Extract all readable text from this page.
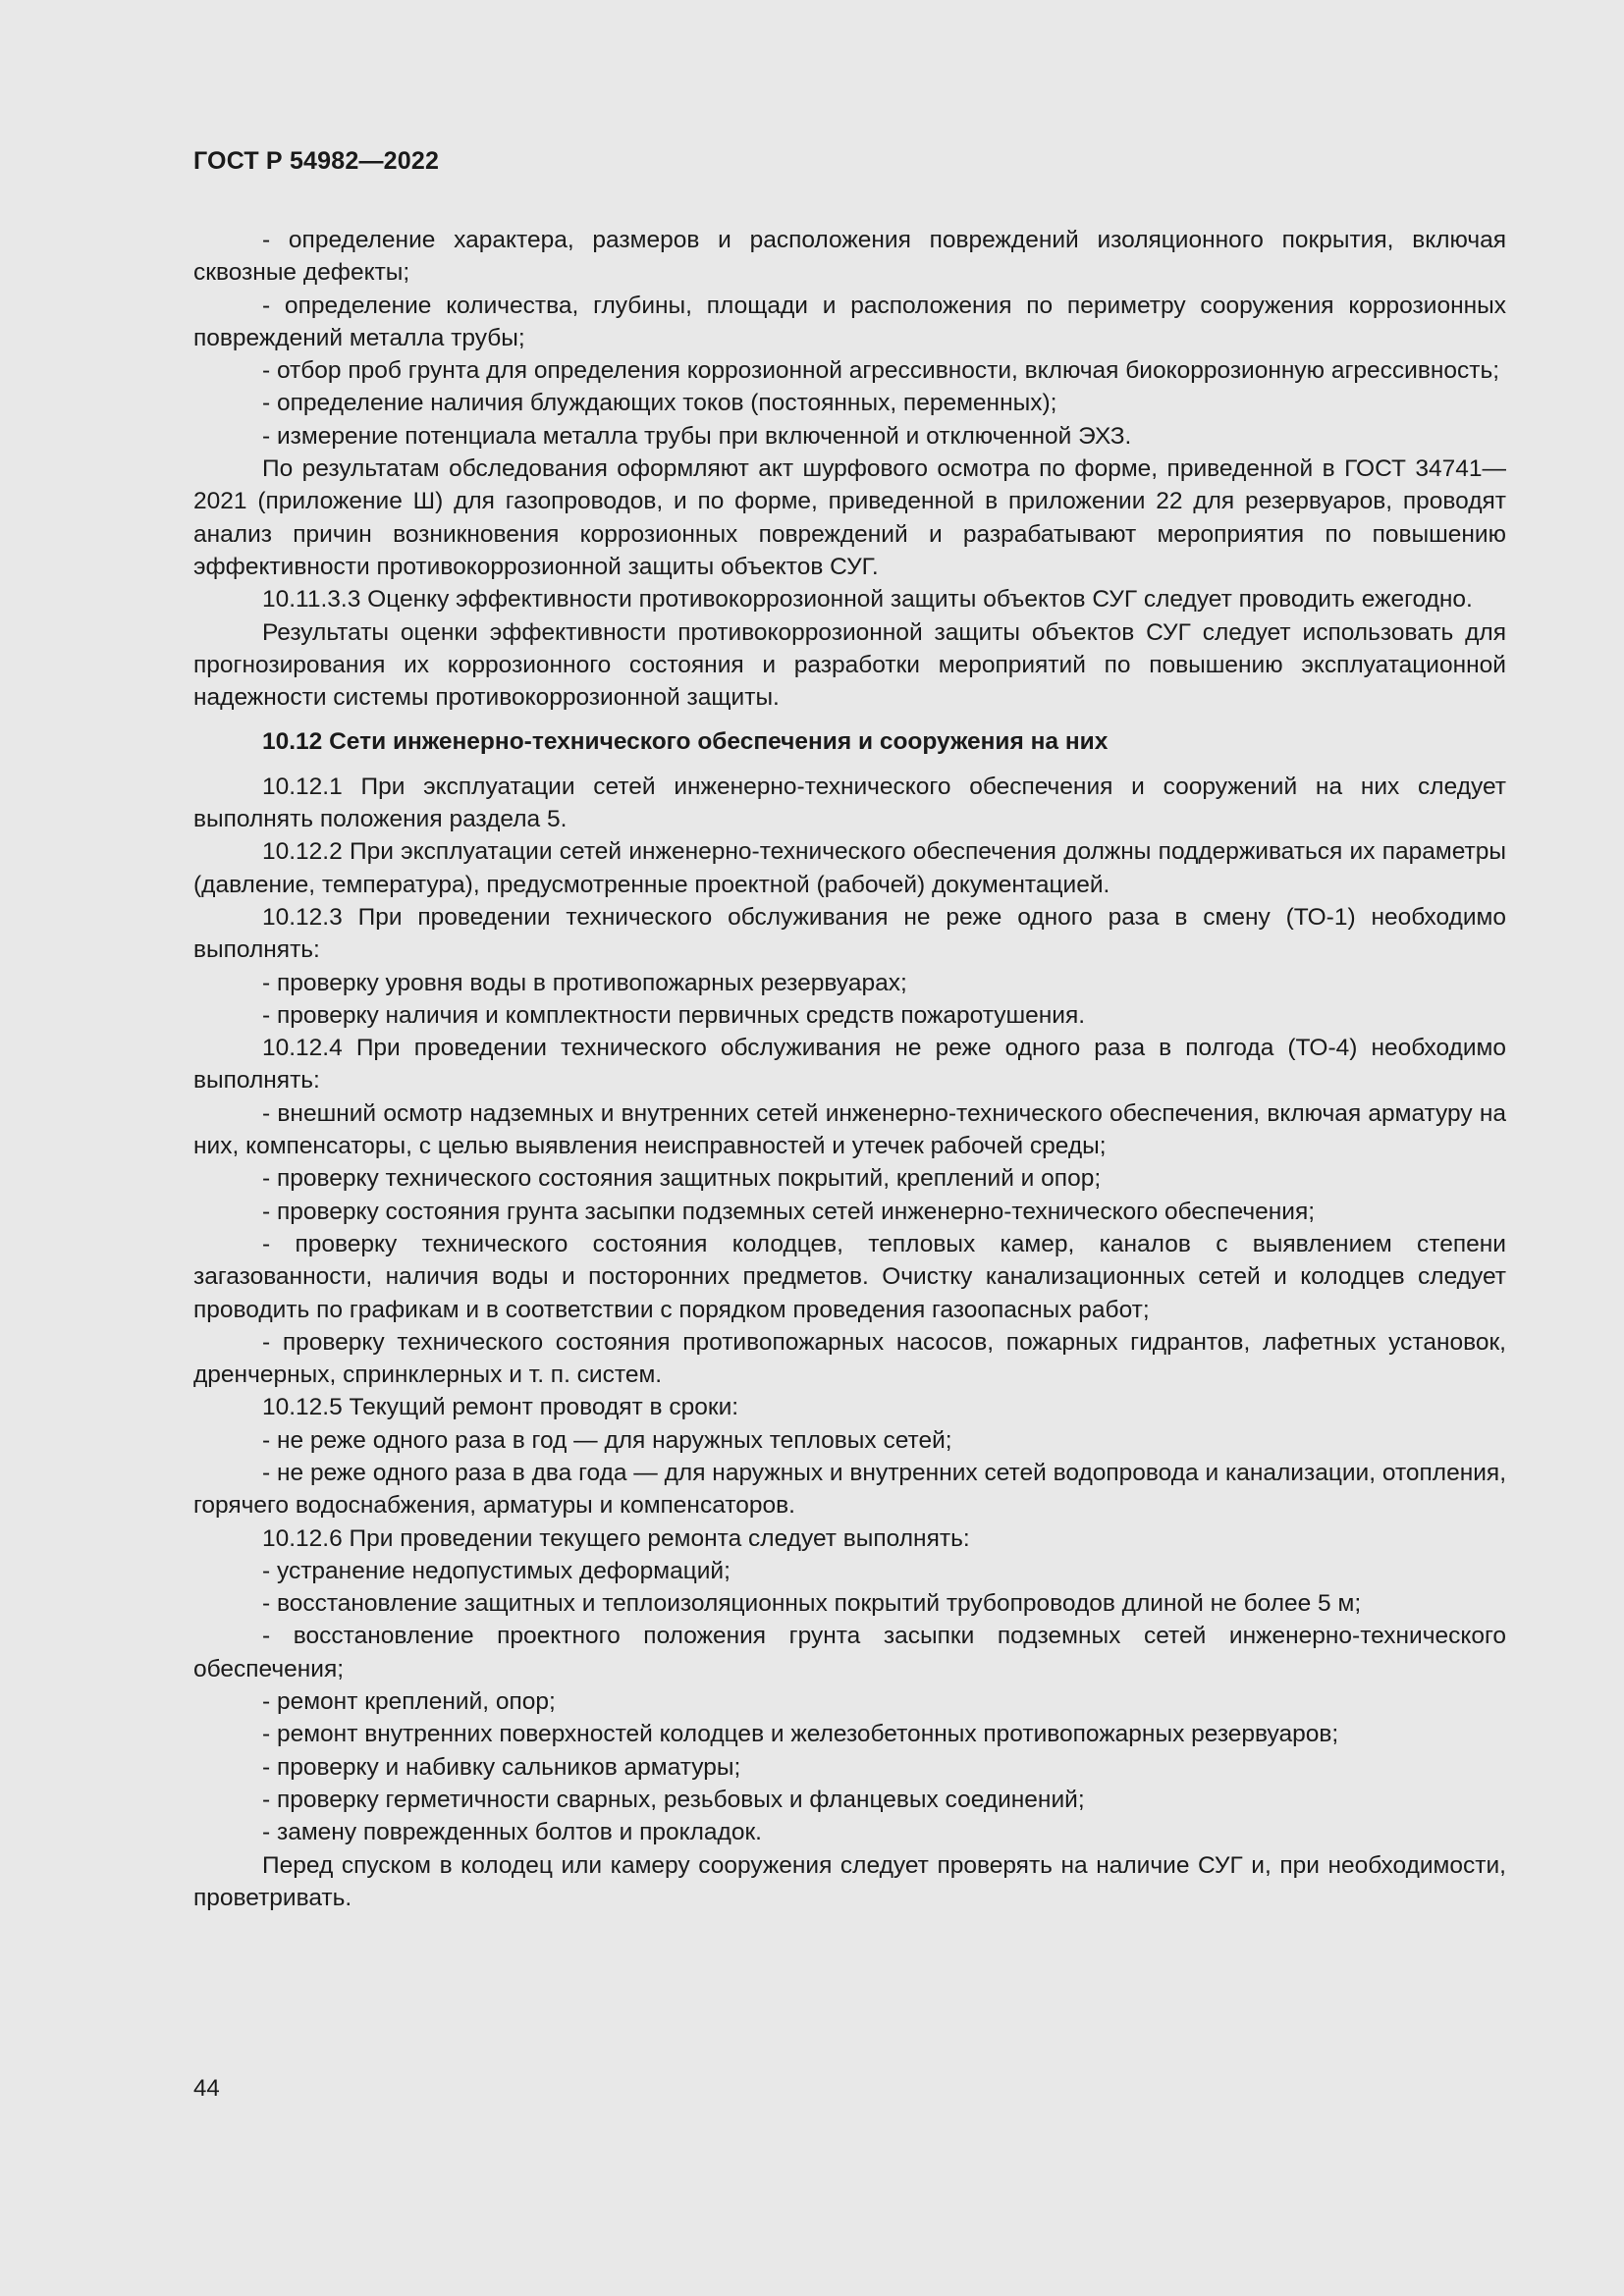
ГОСТ Р 54982—2022

- определение характера, размеров и расположения повреждений изоляционного покрытия, включая сквозные дефекты;

- определение количества, глубины, площади и расположения по периметру сооружения коррозионных повреждений металла трубы;

- отбор проб грунта для определения коррозионной агрессивности, включая биокоррозионную агрессивность;

- определение наличия блуждающих токов (постоянных, переменных);

- измерение потенциала металла трубы при включенной и отключенной ЭХЗ.

По результатам обследования оформляют акт шурфового осмотра по форме, приведенной в ГОСТ 34741—2021 (приложение Ш) для газопроводов, и по форме, приведенной в приложении 22 для резервуаров, проводят анализ причин возникновения коррозионных повреждений и разрабатывают мероприятия по повышению эффективности противокоррозионной защиты объектов СУГ.

10.11.3.3 Оценку эффективности противокоррозионной защиты объектов СУГ следует проводить ежегодно.

Результаты оценки эффективности противокоррозионной защиты объектов СУГ следует использовать для прогнозирования их коррозионного состояния и разработки мероприятий по повышению эксплуатационной надежности системы противокоррозионной защиты.

10.12 Сети инженерно-технического обеспечения и сооружения на них

10.12.1 При эксплуатации сетей инженерно-технического обеспечения и сооружений на них следует выполнять положения раздела 5.

10.12.2 При эксплуатации сетей инженерно-технического обеспечения должны поддерживаться их параметры (давление, температура), предусмотренные проектной (рабочей) документацией.

10.12.3 При проведении технического обслуживания не реже одного раза в смену (ТО-1) необходимо выполнять:

- проверку уровня воды в противопожарных резервуарах;

- проверку наличия и комплектности первичных средств пожаротушения.

10.12.4 При проведении технического обслуживания не реже одного раза в полгода (ТО-4) необходимо выполнять:

- внешний осмотр надземных и внутренних сетей инженерно-технического обеспечения, включая арматуру на них, компенсаторы, с целью выявления неисправностей и утечек рабочей среды;

- проверку технического состояния защитных покрытий, креплений и опор;

- проверку состояния грунта засыпки подземных сетей инженерно-технического обеспечения;

- проверку технического состояния колодцев, тепловых камер, каналов с выявлением степени загазованности, наличия воды и посторонних предметов. Очистку канализационных сетей и колодцев следует проводить по графикам и в соответствии с порядком проведения газоопасных работ;

- проверку технического состояния противопожарных насосов, пожарных гидрантов, лафетных установок, дренчерных, спринклерных и т. п. систем.

10.12.5 Текущий ремонт проводят в сроки:

- не реже одного раза в год — для наружных тепловых сетей;

- не реже одного раза в два года — для наружных и внутренних сетей водопровода и канализации, отопления, горячего водоснабжения, арматуры и компенсаторов.

10.12.6 При проведении текущего ремонта следует выполнять:

- устранение недопустимых деформаций;

- восстановление защитных и теплоизоляционных покрытий трубопроводов длиной не более 5 м;

- восстановление проектного положения грунта засыпки подземных сетей инженерно-технического обеспечения;

- ремонт креплений, опор;

- ремонт внутренних поверхностей колодцев и железобетонных противопожарных резервуаров;

- проверку и набивку сальников арматуры;

- проверку герметичности сварных, резьбовых и фланцевых соединений;

- замену поврежденных болтов и прокладок.

Перед спуском в колодец или камеру сооружения следует проверять на наличие СУГ и, при необходимости, проветривать.

44
